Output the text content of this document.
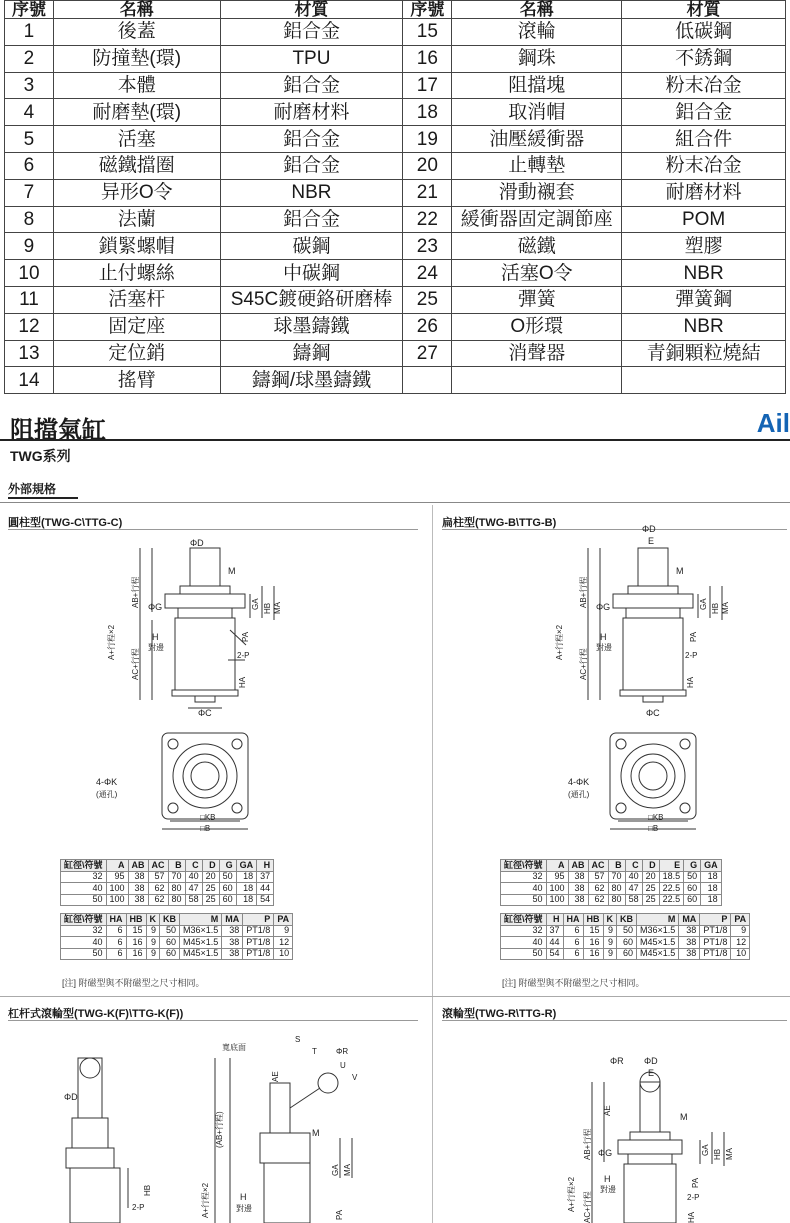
序號	名稱	材質	序號	名稱	材質
1	後蓋	鋁合金	15	滾輪	低碳鋼
2	防撞墊(環)	TPU	16	鋼珠	不銹鋼
3	本體	鋁合金	17	阻擋塊	粉末冶金
4	耐磨墊(環)	耐磨材料	18	取消帽	鋁合金
5	活塞	鋁合金	19	油壓緩衝器	組合件
6	磁鐵擋圈	鋁合金	20	止轉墊	粉末冶金
7	异形O令	NBR	21	滑動襯套	耐磨材料
8	法蘭	鋁合金	22	緩衝器固定調節座	POM
9	鎖緊螺帽	碳鋼	23	磁鐵	塑膠
10	止付螺絲	中碳鋼	24	活塞O令	NBR
11	活塞杆	S45C鍍硬鉻研磨棒	25	彈簧	彈簧鋼
12	固定座	球墨鑄鐵	26	O形環	NBR
13	定位銷	鑄鋼	27	消聲器	青銅顆粒燒結
14	搖臂	鑄鋼/球墨鑄鐵			
阻擋氣缸	Ail
TWG系列
外部規格
圓柱型(TWG-C\TTG-C)	扁柱型(TWG-B\TTG-B)
杠杆式滾輪型(TWG-K(F)\TTG-K(F))	滾輪型(TWG-R\TTG-R)
ΦD
M
ΦG
H
對邊
2-P
ΦC
AB+行程
A+行程×2
AC+行程
GA HB MA
PA
HA
4-ΦK
(通孔)
□KB
□B
ΦD
E
M
ΦG
H
對邊
2-P
ΦC
AB+行程
A+行程×2
AC+行程
GA HB MA
PA
HA
4-ΦK
(通孔)
□KB
□B
缸徑\符號	A	AB	AC	B	C	D	G	GA	H
32	95	38	57	70	40	20	50	18	37
40	100	38	62	80	47	25	60	18	44
50	100	38	62	80	58	25	60	18	54
缸徑\符號	HA	HB	K	KB	M	MA	P	PA
32	6	15	9	50	M36×1.5	38	PT1/8	9
40	6	16	9	60	M45×1.5	38	PT1/8	12
50	6	16	9	60	M45×1.5	38	PT1/8	10
[注] 附磁型與不附磁型之尺寸相同。
缸徑\符號	A	AB	AC	B	C	D	E	G	GA
32	95	38	57	70	40	20	18.5	50	18
40	100	38	62	80	47	25	22.5	60	18
50	100	38	62	80	58	25	22.5	60	18
缸徑\符號	H	HA	HB	K	KB	M	MA	P	PA
32	37	6	15	9	50	M36×1.5	38	PT1/8	9
40	44	6	16	9	60	M45×1.5	38	PT1/8	12
50	54	6	16	9	60	M45×1.5	38	PT1/8	10
[注] 附磁型與不附磁型之尺寸相同。
ΦD
2-P
HB
寬底面
S
T ΦR
U
V
M
H
對邊
AE
(AB+行程)
A+行程×2
GA MA
PA
ΦR ΦD
E
M
ΦG
H
對邊
2-P
AE
AB+行程
A+行程×2 AC+行程
GA HB MA
PA
HA
